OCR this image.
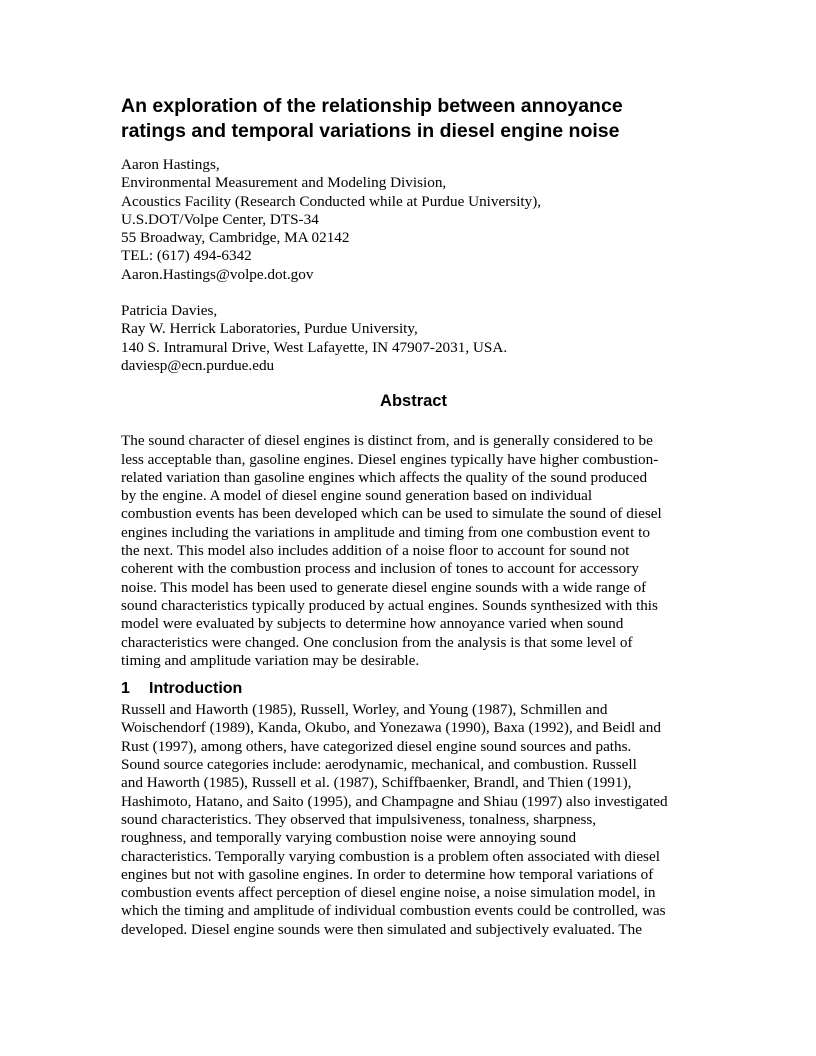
An exploration of the relationship between annoyance
ratings and temporal variations in diesel engine noise
Aaron Hastings,
Environmental Measurement and Modeling Division,
Acoustics Facility (Research Conducted while at Purdue University),
U.S.DOT/Volpe Center, DTS-34
55 Broadway, Cambridge, MA 02142
TEL: (617) 494-6342
Aaron.Hastings@volpe.dot.gov
Patricia Davies,
Ray W. Herrick Laboratories, Purdue University,
140 S. Intramural Drive, West Lafayette, IN 47907-2031, USA.
daviesp@ecn.purdue.edu
Abstract
The sound character of diesel engines is distinct from, and is generally considered to be
less acceptable than, gasoline engines. Diesel engines typically have higher combustion-
related variation than gasoline engines which affects the quality of the sound produced
by the engine. A model of diesel engine sound generation based on individual
combustion events has been developed which can be used to simulate the sound of diesel
engines including the variations in amplitude and timing from one combustion event to
the next. This model also includes addition of a noise floor to account for sound not
coherent with the combustion process and inclusion of tones to account for accessory
noise. This model has been used to generate diesel engine sounds with a wide range of
sound characteristics typically produced by actual engines. Sounds synthesized with this
model were evaluated by subjects to determine how annoyance varied when sound
characteristics were changed. One conclusion from the analysis is that some level of
timing and amplitude variation may be desirable.
1 Introduction
Russell and Haworth (1985), Russell, Worley, and Young (1987), Schmillen and
Woischendorf (1989), Kanda, Okubo, and Yonezawa (1990), Baxa (1992), and Beidl and
Rust (1997), among others, have categorized diesel engine sound sources and paths.
Sound source categories include: aerodynamic, mechanical, and combustion. Russell
and Haworth (1985), Russell et al. (1987), Schiffbaenker, Brandl, and Thien (1991),
Hashimoto, Hatano, and Saito (1995), and Champagne and Shiau (1997) also investigated
sound characteristics. They observed that impulsiveness, tonalness, sharpness,
roughness, and temporally varying combustion noise were annoying sound
characteristics. Temporally varying combustion is a problem often associated with diesel
engines but not with gasoline engines. In order to determine how temporal variations of
combustion events affect perception of diesel engine noise, a noise simulation model, in
which the timing and amplitude of individual combustion events could be controlled, was
developed. Diesel engine sounds were then simulated and subjectively evaluated. The
